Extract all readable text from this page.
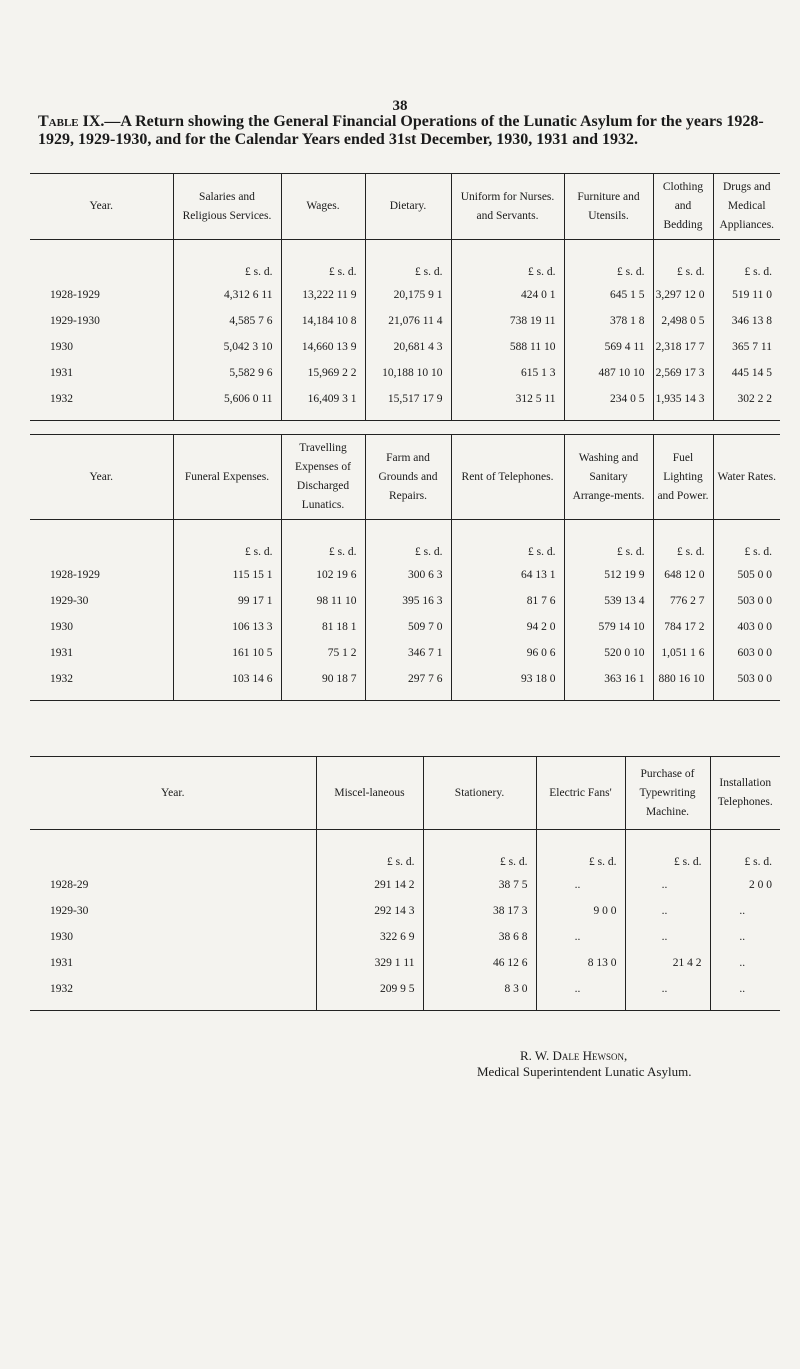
38
Table IX.—A Return showing the General Financial Operations of the Lunatic Asylum for the years 1928-1929, 1929-1930, and for the Calendar Years ended 31st December, 1930, 1931 and 1932.
Year.	Salaries and Religious Services.	Wages.	Dietary.	Uniform for Nurses. and Servants.	Furniture and Utensils.	Clothing and Bedding	Drugs and Medical Appliances.
	£ s. d.	£ s. d.	£ s. d.	£ s. d.	£ s. d.	£ s. d.	£ s. d.
1928-1929	4,312 6 11	13,222 11 9	20,175 9 1	424 0 1	645 1 5	3,297 12 0	519 11 0
1929-1930	4,585 7 6	14,184 10 8	21,076 11 4	738 19 11	378 1 8	2,498 0 5	346 13 8
1930	5,042 3 10	14,660 13 9	20,681 4 3	588 11 10	569 4 11	2,318 17 7	365 7 11
1931	5,582 9 6	15,969 2 2	10,188 10 10	615 1 3	487 10 10	2,569 17 3	445 14 5
1932	5,606 0 11	16,409 3 1	15,517 17 9	312 5 11	234 0 5	1,935 14 3	302 2 2
Year.	Funeral Expenses.	Travelling Expenses of Discharged Lunatics.	Farm and Grounds and Repairs.	Rent of Telephones.	Washing and Sanitary Arrange-ments.	Fuel Lighting and Power.	Water Rates.
	£ s. d.	£ s. d.	£ s. d.	£ s. d.	£ s. d.	£ s. d.	£ s. d.
1928-1929	115 15 1	102 19 6	300 6 3	64 13 1	512 19 9	648 12 0	505 0 0
1929-30	99 17 1	98 11 10	395 16 3	81 7 6	539 13 4	776 2 7	503 0 0
1930	106 13 3	81 18 1	509 7 0	94 2 0	579 14 10	784 17 2	403 0 0
1931	161 10 5	75 1 2	346 7 1	96 0 6	520 0 10	1,051 1 6	603 0 0
1932	103 14 6	90 18 7	297 7 6	93 18 0	363 16 1	880 16 10	503 0 0
Year.	Miscel-laneous	Stationery.	Electric Fans'	Purchase of Typewriting Machine.	Installation Telephones.
	£ s. d.	£ s. d.	£ s. d.	£ s. d.	£ s. d.
1928-29	291 14 2	38 7 5	..	..	2 0 0
1929-30	292 14 3	38 17 3	9 0 0	..	..
1930	322 6 9	38 6 8	..	..	..
1931	329 1 11	46 12 6	8 13 0	21 4 2	..
1932	209 9 5	8 3 0	..	..	..
R. W. Dale Hewson,
Medical Superintendent Lunatic Asylum.
